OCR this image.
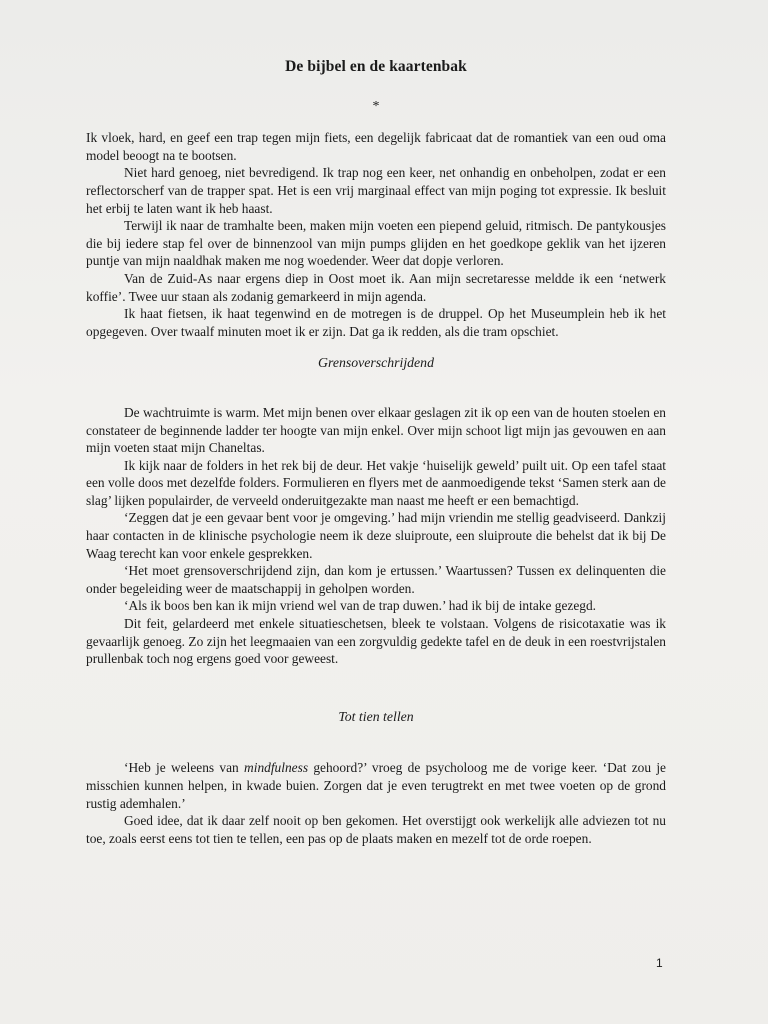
De bijbel en de kaartenbak
*

Ik vloek, hard, en geef een trap tegen mijn fiets, een degelijk fabricaat dat de romantiek van een oud oma model beoogt na te bootsen.

Niet hard genoeg, niet bevredigend. Ik trap nog een keer, net onhandig en onbeholpen, zodat er een reflectorscherf van de trapper spat. Het is een vrij marginaal effect van mijn poging tot expressie. Ik besluit het erbij te laten want ik heb haast.

Terwijl ik naar de tramhalte been, maken mijn voeten een piepend geluid, ritmisch. De pantykousjes die bij iedere stap fel over de binnenzool van mijn pumps glijden en het goedkope geklik van het ijzeren puntje van mijn naaldhak maken me nog woedender. Weer dat dopje verloren.

Van de Zuid-As naar ergens diep in Oost moet ik. Aan mijn secretaresse meldde ik een ‘netwerk koffie’. Twee uur staan als zodanig gemarkeerd in mijn agenda.

Ik haat fietsen, ik haat tegenwind en de motregen is de druppel. Op het Museumplein heb ik het opgegeven. Over twaalf minuten moet ik er zijn. Dat ga ik redden, als die tram opschiet.

Grensoverschrijdend

De wachtruimte is warm. Met mijn benen over elkaar geslagen zit ik op een van de houten stoelen en constateer de beginnende ladder ter hoogte van mijn enkel. Over mijn schoot ligt mijn jas gevouwen en aan mijn voeten staat mijn Chaneltas.

Ik kijk naar de folders in het rek bij de deur. Het vakje ‘huiselijk geweld’ puilt uit. Op een tafel staat een volle doos met dezelfde folders. Formulieren en flyers met de aanmoedigende tekst ‘Samen sterk aan de slag’ lijken populairder, de verveeld onderuitgezakte man naast me heeft er een bemachtigd.

‘Zeggen dat je een gevaar bent voor je omgeving.’ had mijn vriendin me stellig geadviseerd. Dankzij haar contacten in de klinische psychologie neem ik deze sluiproute, een sluiproute die behelst dat ik bij De Waag terecht kan voor enkele gesprekken.

‘Het moet grensoverschrijdend zijn, dan kom je ertussen.’ Waartussen? Tussen ex delinquenten die onder begeleiding weer de maatschappij in geholpen worden.

‘Als ik boos ben kan ik mijn vriend wel van de trap duwen.’ had ik bij de intake gezegd.

Dit feit, gelardeerd met enkele situatieschetsen, bleek te volstaan. Volgens de risicotaxatie was ik gevaarlijk genoeg. Zo zijn het leegmaaien van een zorgvuldig gedekte tafel en de deuk in een roestvrijstalen prullenbak toch nog ergens goed voor geweest.

Tot tien tellen

‘Heb je weleens van mindfulness gehoord?’ vroeg de psycholoog me de vorige keer. ‘Dat zou je misschien kunnen helpen, in kwade buien. Zorgen dat je even terugtrekt en met twee voeten op de grond rustig ademhalen.’

Goed idee, dat ik daar zelf nooit op ben gekomen. Het overstijgt ook werkelijk alle adviezen tot nu toe, zoals eerst eens tot tien te tellen, een pas op de plaats maken en mezelf tot de orde roepen.

1
